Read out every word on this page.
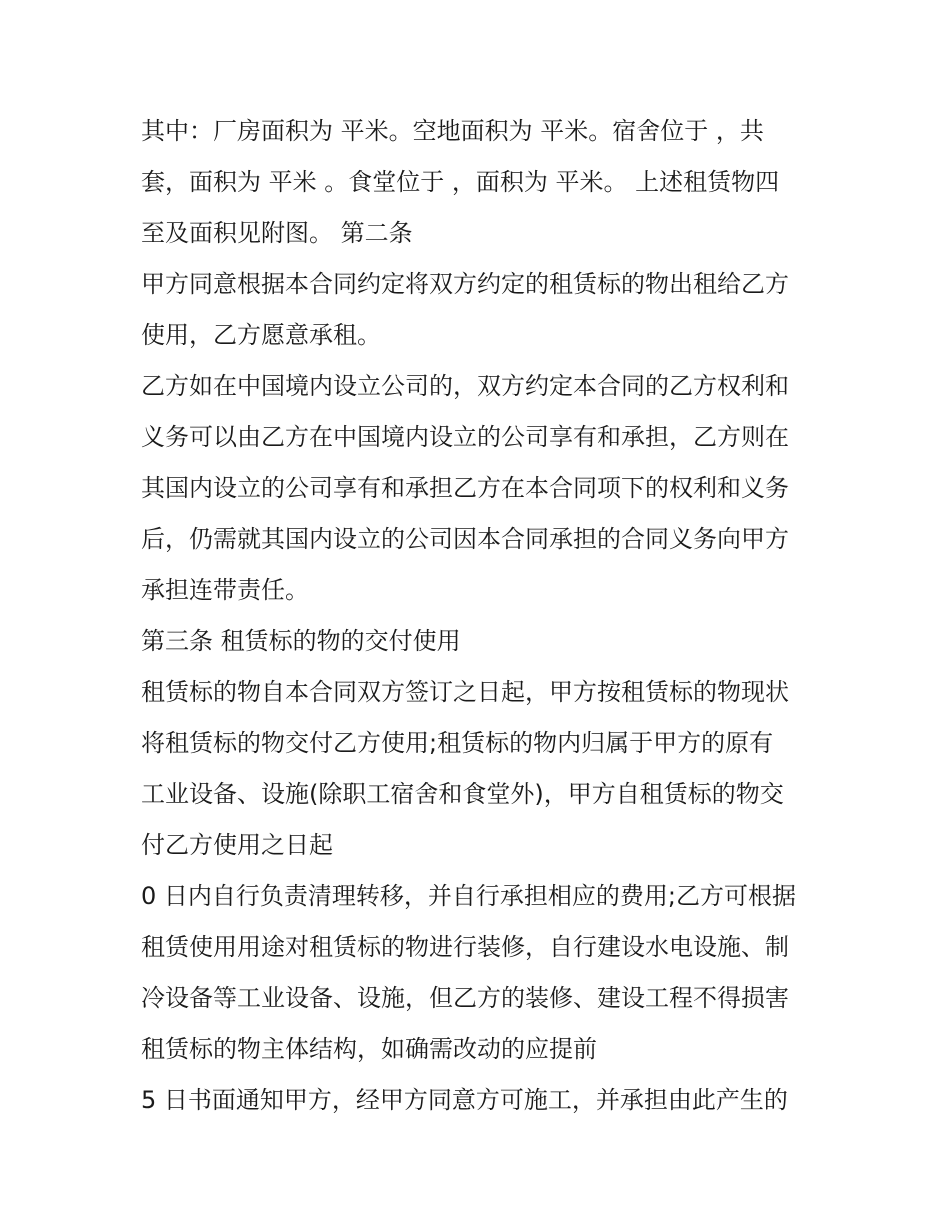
其中：厂房面积为 平米。空地面积为 平米。宿舍位于 ，共
套，面积为 平米 。食堂位于 ，面积为 平米。 上述租赁物四
至及面积见附图。 第二条
甲方同意根据本合同约定将双方约定的租赁标的物出租给乙方
使用，乙方愿意承租。
乙方如在中国境内设立公司的，双方约定本合同的乙方权利和
义务可以由乙方在中国境内设立的公司享有和承担，乙方则在
其国内设立的公司享有和承担乙方在本合同项下的权利和义务
后，仍需就其国内设立的公司因本合同承担的合同义务向甲方
承担连带责任。
第三条 租赁标的物的交付使用
租赁标的物自本合同双方签订之日起，甲方按租赁标的物现状
将租赁标的物交付乙方使用;租赁标的物内归属于甲方的原有
工业设备、设施(除职工宿舍和食堂外)，甲方自租赁标的物交
付乙方使用之日起
0 日内自行负责清理转移，并自行承担相应的费用;乙方可根据
租赁使用用途对租赁标的物进行装修，自行建设水电设施、制
冷设备等工业设备、设施，但乙方的装修、建设工程不得损害
租赁标的物主体结构，如确需改动的应提前
5 日书面通知甲方，经甲方同意方可施工，并承担由此产生的
